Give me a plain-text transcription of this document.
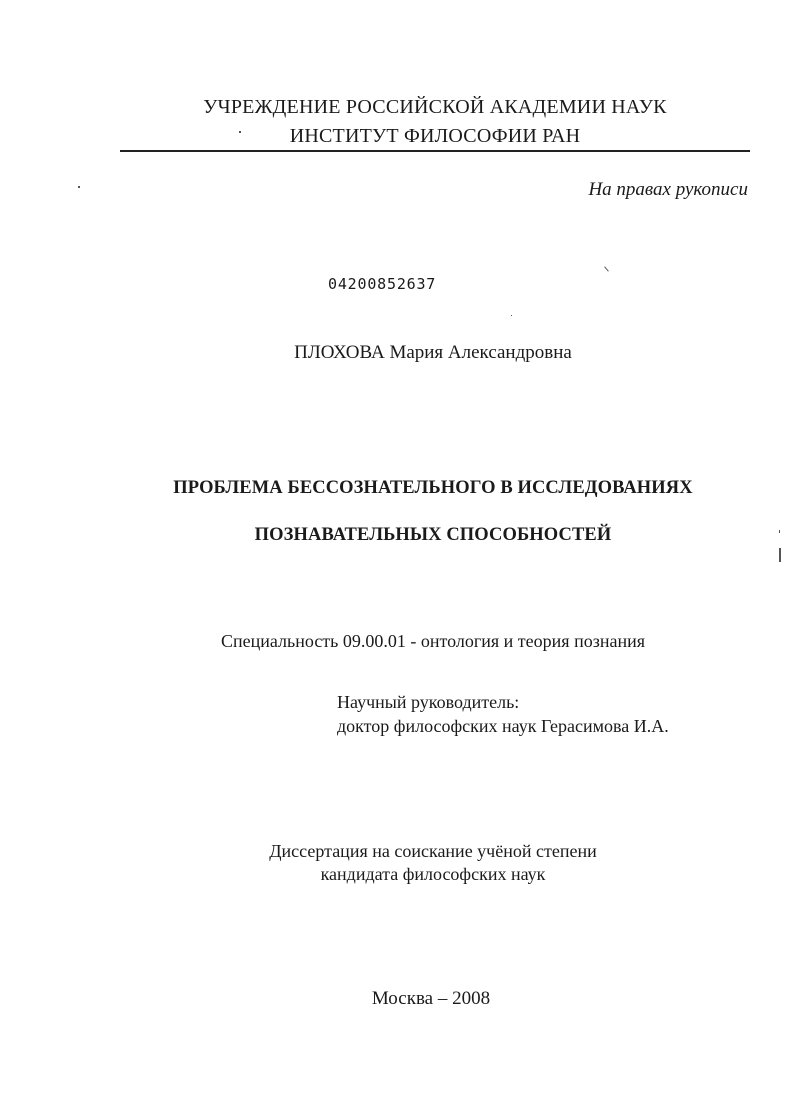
УЧРЕЖДЕНИЕ РОССИЙСКОЙ АКАДЕМИИ НАУК
ИНСТИТУТ ФИЛОСОФИИ РАН
На правах рукописи
04200852637
ПЛОХОВА Мария Александровна
ПРОБЛЕМА БЕССОЗНАТЕЛЬНОГО В ИССЛЕДОВАНИЯХ
ПОЗНАВАТЕЛЬНЫХ СПОСОБНОСТЕЙ
Специальность 09.00.01 - онтология и теория познания
Научный руководитель:
доктор философских наук Герасимова И.А.
Диссертация на соискание учёной степени
кандидата философских наук
Москва – 2008
